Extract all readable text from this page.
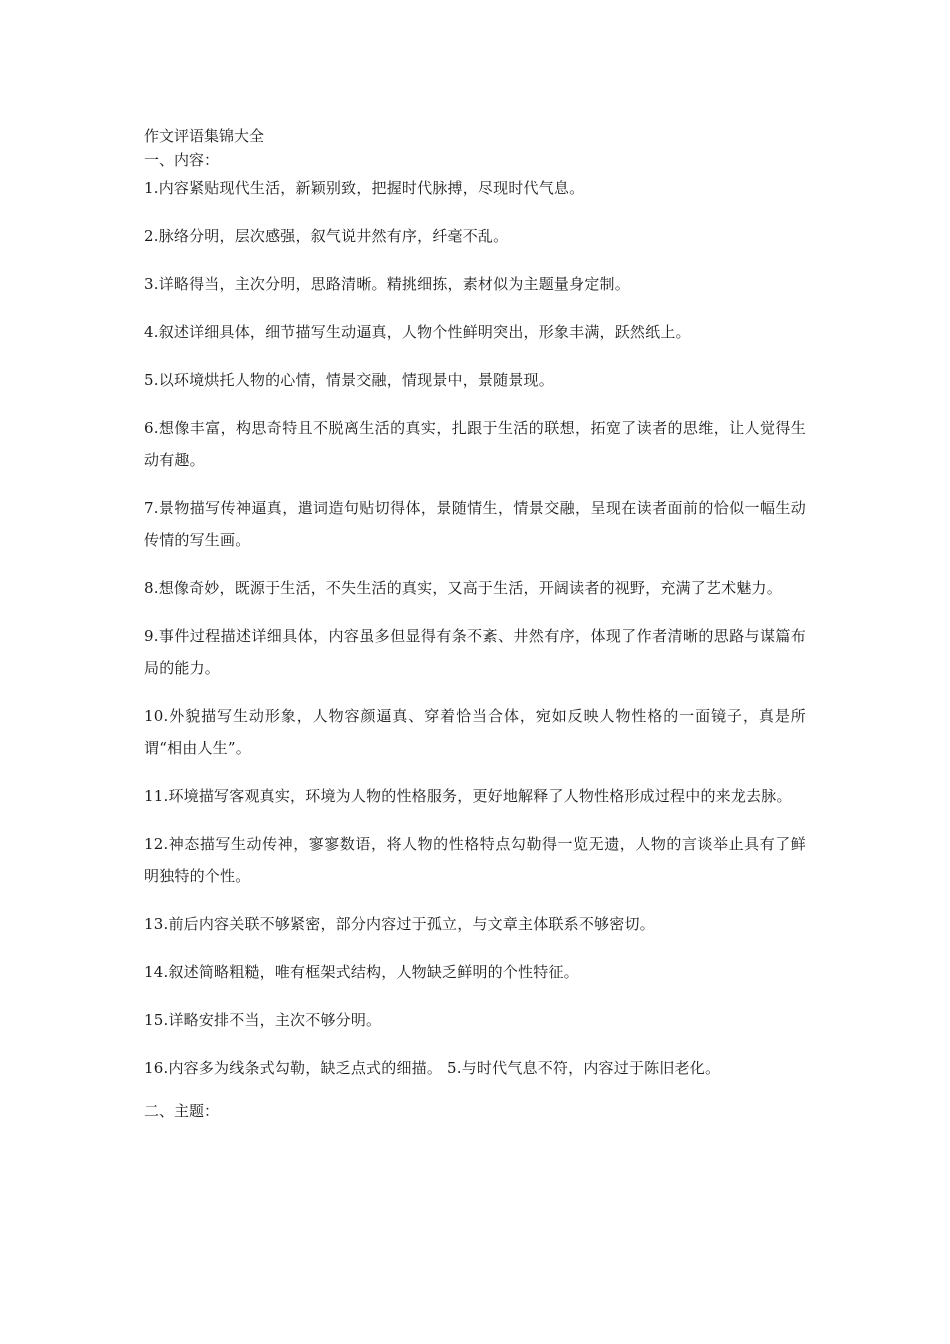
作文评语集锦大全

一、内容：

1.内容紧贴现代生活，新颖别致，把握时代脉搏，尽现时代气息。
2.脉络分明，层次感强，叙气说井然有序，纤毫不乱。
3.详略得当，主次分明，思路清晰。精挑细拣，素材似为主题量身定制。
4.叙述详细具体，细节描写生动逼真，人物个性鲜明突出，形象丰满，跃然纸上。
5.以环境烘托人物的心情，情景交融，情现景中，景随景现。
6.想像丰富，构思奇特且不脱离生活的真实，扎跟于生活的联想，拓宽了读者的思维，让人觉得生动有趣。
7.景物描写传神逼真，遣词造句贴切得体，景随情生，情景交融，呈现在读者面前的恰似一幅生动传情的写生画。
8.想像奇妙，既源于生活，不失生活的真实，又高于生活，开阔读者的视野，充满了艺术魅力。
9.事件过程描述详细具体，内容虽多但显得有条不紊、井然有序，体现了作者清晰的思路与谋篇布局的能力。
10.外貌描写生动形象，人物容颜逼真、穿着恰当合体，宛如反映人物性格的一面镜子，真是所谓“相由人生”。
11.环境描写客观真实，环境为人物的性格服务，更好地解释了人物性格形成过程中的来龙去脉。
12.神态描写生动传神，寥寥数语，将人物的性格特点勾勒得一览无遗，人物的言谈举止具有了鲜明独特的个性。
13.前后内容关联不够紧密，部分内容过于孤立，与文章主体联系不够密切。
14.叙述简略粗糙，唯有框架式结构，人物缺乏鲜明的个性特征。
15.详略安排不当，主次不够分明。
16.内容多为线条式勾勒，缺乏点式的细描。 5.与时代气息不符，内容过于陈旧老化。

二、主题：
